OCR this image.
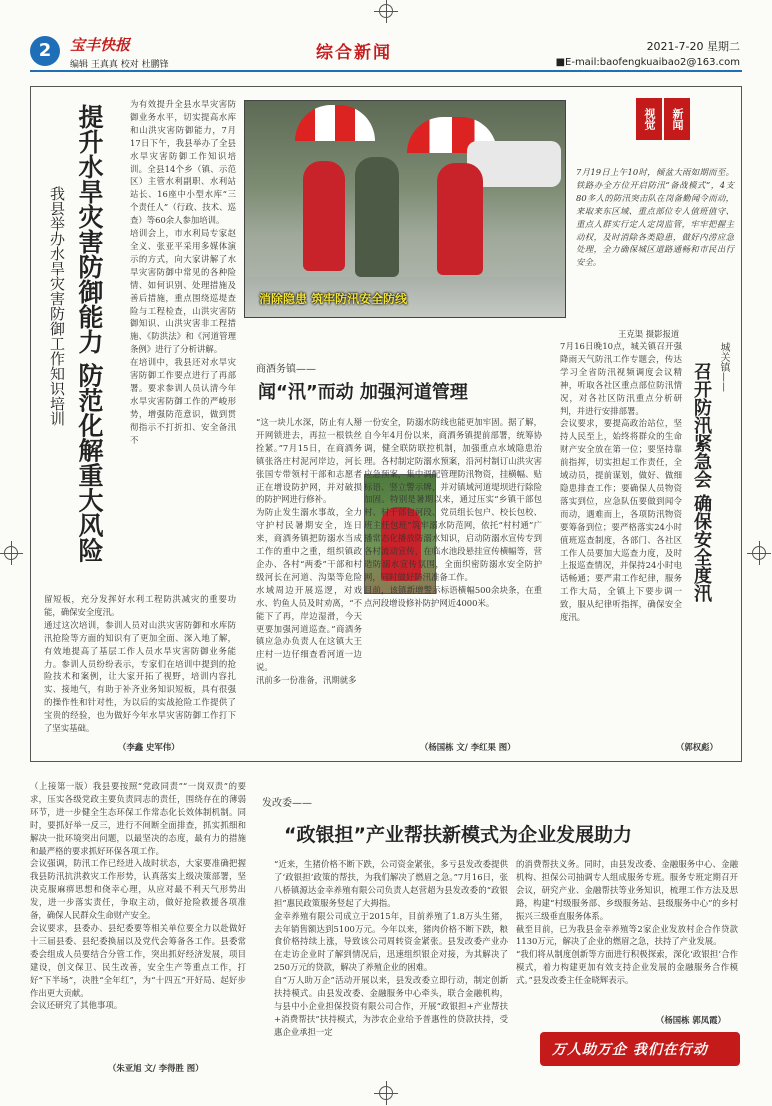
2	宝丰快报
编辑 王真真 校对 杜鹏锋
综合新闻	2021-7-20 星期二
■E-mail:baofengkuaibao2@163.com
提升水旱灾害防御能力 防范化解重大风险
我县举办水旱灾害防御工作知识培训
为有效提升全县水旱灾害防御业务水平，切实提高水库和山洪灾害防御能力，7月17日下午，我县举办了全县水旱灾害防御工作知识培训。全县14个乡（镇、示范区）主管水利副职、水利站站长、16座中小型水库“三个责任人”（行政、技术、巡查）等60余人参加培训。
培训会上，市水利局专家赵全义、张亚平采用多媒体演示的方式，向大家讲解了水旱灾害防御中常见的各种险情、如何识别、处理措施及善后措施，重点围绕巡堤查险与工程检查，山洪灾害防御知识、山洪灾害非工程措施、《防洪法》和《河道管理条例》进行了分析讲解。
在培训中，我县还对水旱灾害防御工作要点进行了再部署。要求参训人员认清今年水旱灾害防御工作的严峻形势，增强防范意识，做到贯彻指示不打折扣、安全备汛不
留短板，充分发挥好水利工程防洪减灾的重要功能，确保安全度汛。
通过这次培训，参训人员对山洪灾害防御和水库防汛抢险等方面的知识有了更加全面、深入地了解，有效地提高了基层工作人员水旱灾害防御业务能力。参训人员纷纷表示，专家们在培训中提到的抢险技术和案例，让大家开拓了视野，培训内容扎实、接地气，有助于补齐业务知识短板，具有很强的操作性和针对性，为以后的实战抢险工作提供了宝贵的经验，也为做好今年水旱灾害防御工作打下了坚实基础。
（李鑫 史军伟）
消除隐患 筑牢防汛安全防线
视觉	新闻
7月19日上午10时，倾盆大雨如期而至。铁路办全方位开启防汛“备战模式”，4支80多人的防汛突击队在岗备勤闻令而动，来取来东区域、重点部位专人值班值守、重点人群实行定人定岗监管，牢牢把握主动权，及时消除各类隐患，做好内涝应急处理，全力确保城区道路通畅和市民出行安全。
王克渠 摄影报道
商酒务镇——
闻“汛”而动 加强河道管理
“这一块儿水深，防止有人掰开网锁进去，再拉一根铁丝拴紧。”7月15日，在商酒务镇张洛庄村泥河岸边，河长张国专带领村干部和志愿者正在增设防护网，并对破损的防护网进行修补。
为防止发生溺水事故，全力守护村民暑期安全，连日来，商酒务镇把防溺水当成工作的重中之重，组织镇政企办、各村“两委”干部和村级河长在河道、沟渠等危险水域周边开展巡逻，对戏水、钓鱼人员及时劝离，“不能下了再，岸边湿滑，今天更要加强河道巡查。”商酒务镇应急办负责人在这镇大王庄村一边仔细查看河道一边说。
汛前多一份准备，汛期就多
一份安全，防溺水防线也能更加牢固。据了解，自今年4月份以来，商酒务镇提前部署，统筹协调，健全联防联控机制，加强重点水域隐患治理。各村制定防溺水预案，沿河村制订山洪灾害应急预案，集中调配管理防汛物资，挂横幅、贴标语、竖立警示牌，并对镇域河道堤坝进行除险加固。特别是暑期以来，通过压实“乡镇干部包村、村干部包河段、党员组长包户、校长包校、班主任包班”筑牢溺水防范网，依托“村村通”广播常态化播放防溺水知识，启动防溺水宣传专到各村流动宣传，在临水池段悬挂宣传横幅等，营造防溺水宣传氛围，全面织密防溺水安全防护网，同时做好防汛准备工作。
目前，该镇新增警示标语横幅500余块条，在重点河段增设修补防护网近4000米。
（杨国栋 文/ 李红果 图）
城关镇——
召开防汛紧急会 确保安全度汛
7月16日晚10点，城关镇召开强降雨天气防汛工作专题会，传达学习全省防汛视频调度会议精神，听取各社区重点部位防汛情况，对各社区防汛重点分析研判，并进行安排部署。
会议要求，要提高政治站位，坚持人民至上，始终将群众的生命财产安全放在第一位；要坚持靠前指挥，切实担起工作责任，全域动员，提前谋划，做好、做细隐患排查工作；要确保人员物资落实到位，应急队伍要做到闻令而动，遇难而上，各项防汛物资要筹备到位；要严格落实24小时值班巡查制度，各部门、各社区工作人员要加大巡查力度，及时上报巡查情况，并保持24小时电话畅通；要严肃工作纪律，服务工作大局，全镇上下要步调一致，服从纪律听指挥，确保安全度汛。
（郭权彪）
（上接第一版）我县要按照“党政同责”“一岗双责”的要求，压实各级党政主要负责同志的责任，围绕存在的薄弱环节，进一步健全生态环保工作常态化长效体制机制。同时，要抓好举一反三，进行不间断全面排查，抓实抓细和解决一批环境突出问题，以最坚决的态度，最有力的措施和最严格的要求抓好环保各项工作。
会议强调，防汛工作已经进入战时状态，大家要准确把握我县防汛抗洪救灾工作形势，认真落实上级决策部署，坚决克服麻痹思想和侥幸心理，从应对最不利天气形势出发，进一步落实责任，争取主动，做好抢险救援各项准备，确保人民群众生命财产安全。
会议要求，县委办、县纪委要等相关单位要全力以赴做好十三届县委、县纪委换届以及党代会筹备各工作。县委常委会组成人员要结合分管工作，突出抓好经济发展，项目建设，创文保卫、民生改善，安全生产等重点工作，打好“下半场”，决胜“全年红”，为“十四五”开好局、起好步作出更大贡献。
会议还研究了其他事项。
（朱亚旭 文/ 李得胜 图）
发改委——
“政银担”产业帮扶新模式为企业发展助力
“近来，生猪价格不断下跌，公司资金紧张，多亏县发改委提供了‘政银担’政策的帮扶，为我们解决了燃眉之急。”7月16日，张八桥镇源达金幸养殖有限公司负责人赵营超为县发改委的“政银担”惠民政策服务竖起了大拇指。
金幸养殖有限公司成立于2015年，目前养殖了1.8万头生猪，去年销售额达到5100万元。今年以来，猪肉价格不断下跌，粮食价格持续上涨，导致该公司周转资金紧张。县发改委产业办在走访企业时了解到情况后，迅速组织银企对接，为其解决了250万元的贷款，解决了养殖企业的困难。
自“万人助万企”活动开展以来，县发改委立即行动，制定创新扶持模式。由县发改委、金融服务中心牵头，联合金融机构，与县中小企业担保投资有限公司合作，开展“政银担+产业帮扶+消费帮扶”扶持模式，为涉农企业给予普惠性的贷款扶持，受惠企业承担一定
的消费帮扶义务。同时，由县发改委、金融服务中心、金融机构、担保公司抽调专人组成服务专班。服务专班定期召开会议，研究产业、金融帮扶等业务知识，梳理工作方法及思路，构建“村级服务部、乡级服务站、县级服务中心”的乡村振兴三级垂直服务体系。
截至目前，已为我县金幸养殖等2家企业发放村企合作贷款1130万元，解决了企业的燃眉之急，扶持了产业发展。
“我们将从制度创新等方面进行积极探索，深化‘政银担’合作模式，着力构建更加有效支持企业发展的金融服务合作模式。”县发改委主任金晓辉表示。
（杨国栋 郭凤霞）
万人助万企 我们在行动
